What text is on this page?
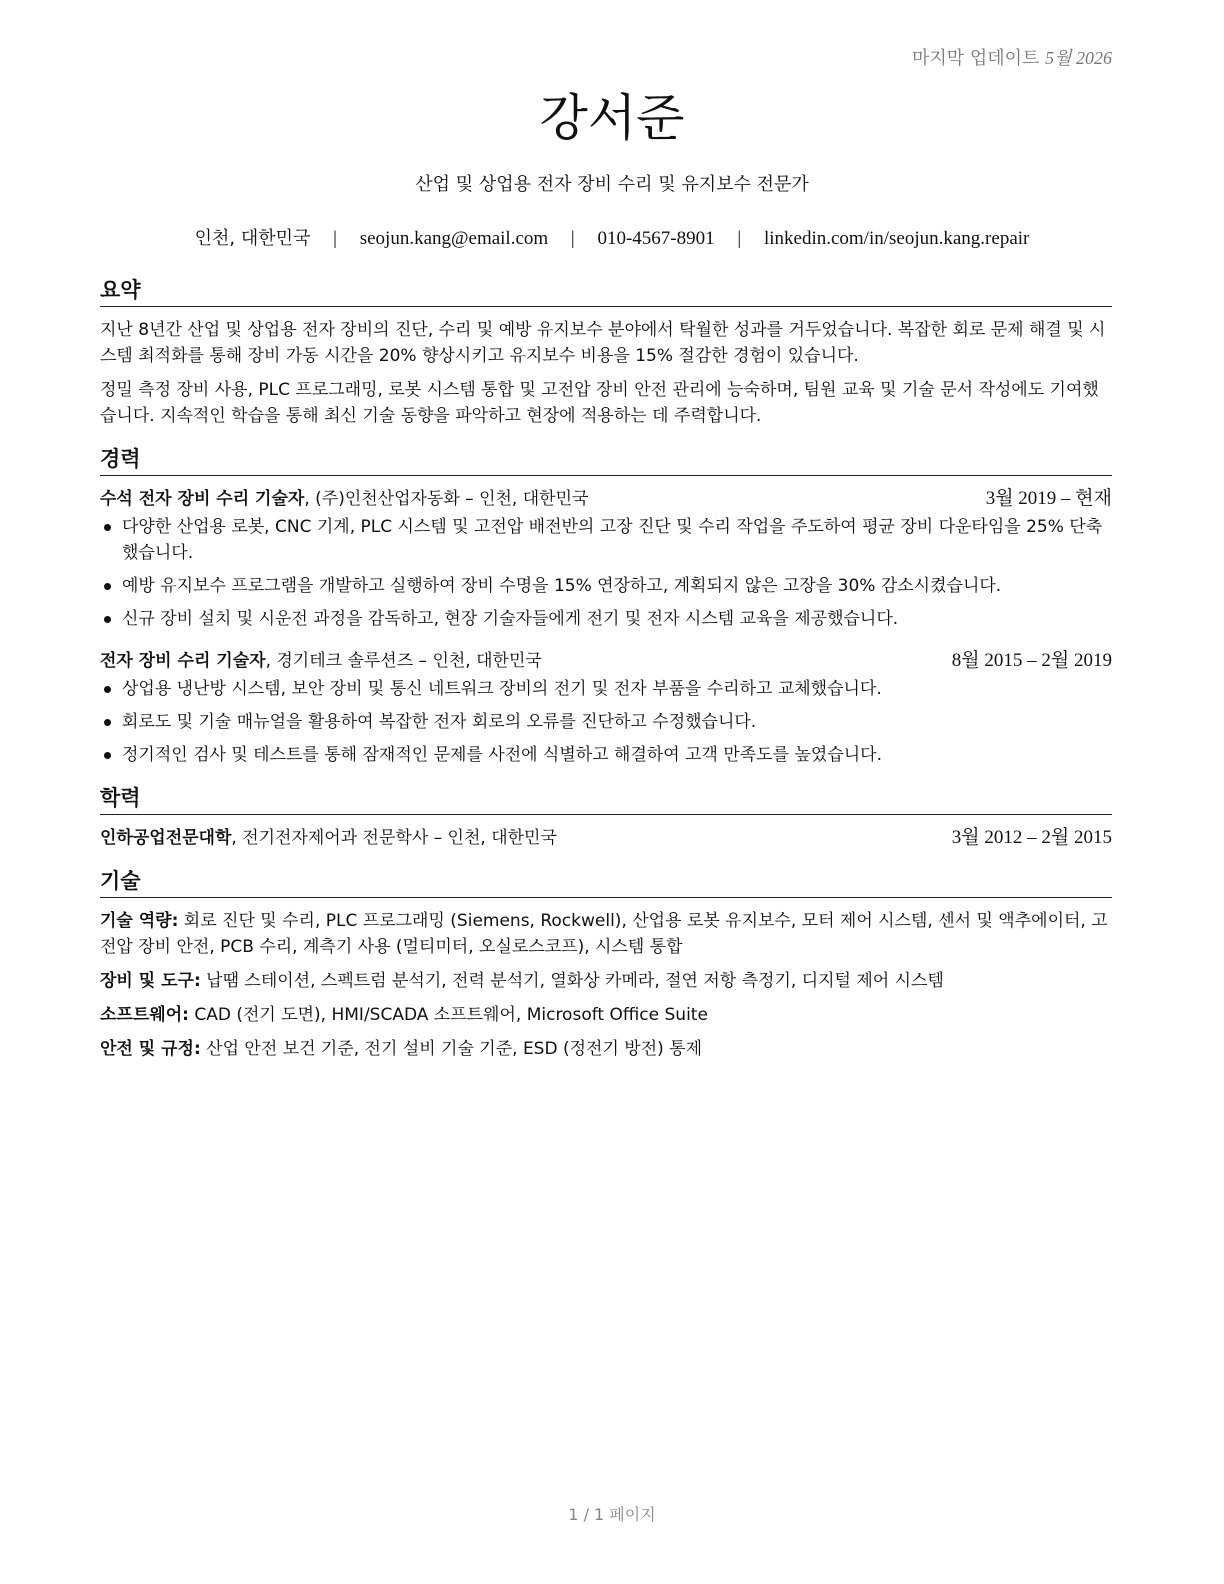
마지막 업데이트 5월 2026
강서준
산업 및 상업용 전자 장비 수리 및 유지보수 전문가
인천, 대한민국 | seojun.kang@email.com | 010-4567-8901 | linkedin.com/in/seojun.kang.repair
요약

지난 8년간 산업 및 상업용 전자 장비의 진단, 수리 및 예방 유지보수 분야에서 탁월한 성과를 거두었습니다. 복잡한 회로 문제 해결 및 시스템 최적화를 통해 장비 가동 시간을 20% 향상시키고 유지보수 비용을 15% 절감한 경험이 있습니다.

정밀 측정 장비 사용, PLC 프로그래밍, 로봇 시스템 통합 및 고전압 장비 안전 관리에 능숙하며, 팀원 교육 및 기술 문서 작성에도 기여했습니다. 지속적인 학습을 통해 최신 기술 동향을 파악하고 현장에 적용하는 데 주력합니다.

경력
수석 전자 장비 수리 기술자, (주)인천산업자동화 – 인천, 대한민국	3월 2019 – 현재
다양한 산업용 로봇, CNC 기계, PLC 시스템 및 고전압 배전반의 고장 진단 및 수리 작업을 주도하여 평균 장비 다운타임을 25% 단축했습니다.
예방 유지보수 프로그램을 개발하고 실행하여 장비 수명을 15% 연장하고, 계획되지 않은 고장을 30% 감소시켰습니다.
신규 장비 설치 및 시운전 과정을 감독하고, 현장 기술자들에게 전기 및 전자 시스템 교육을 제공했습니다.
전자 장비 수리 기술자, 경기테크 솔루션즈 – 인천, 대한민국	8월 2015 – 2월 2019
상업용 냉난방 시스템, 보안 장비 및 통신 네트워크 장비의 전기 및 전자 부품을 수리하고 교체했습니다.
회로도 및 기술 매뉴얼을 활용하여 복잡한 전자 회로의 오류를 진단하고 수정했습니다.
정기적인 검사 및 테스트를 통해 잠재적인 문제를 사전에 식별하고 해결하여 고객 만족도를 높였습니다.
학력
인하공업전문대학, 전기전자제어과 전문학사 – 인천, 대한민국	3월 2012 – 2월 2015
기술
기술 역량: 회로 진단 및 수리, PLC 프로그래밍 (Siemens, Rockwell), 산업용 로봇 유지보수, 모터 제어 시스템, 센서 및 액추에이터, 고전압 장비 안전, PCB 수리, 계측기 사용 (멀티미터, 오실로스코프), 시스템 통합
장비 및 도구: 납땜 스테이션, 스펙트럼 분석기, 전력 분석기, 열화상 카메라, 절연 저항 측정기, 디지털 제어 시스템
소프트웨어: CAD (전기 도면), HMI/SCADA 소프트웨어, Microsoft Office Suite
안전 및 규정: 산업 안전 보건 기준, 전기 설비 기술 기준, ESD (정전기 방전) 통제
1 / 1 페이지
